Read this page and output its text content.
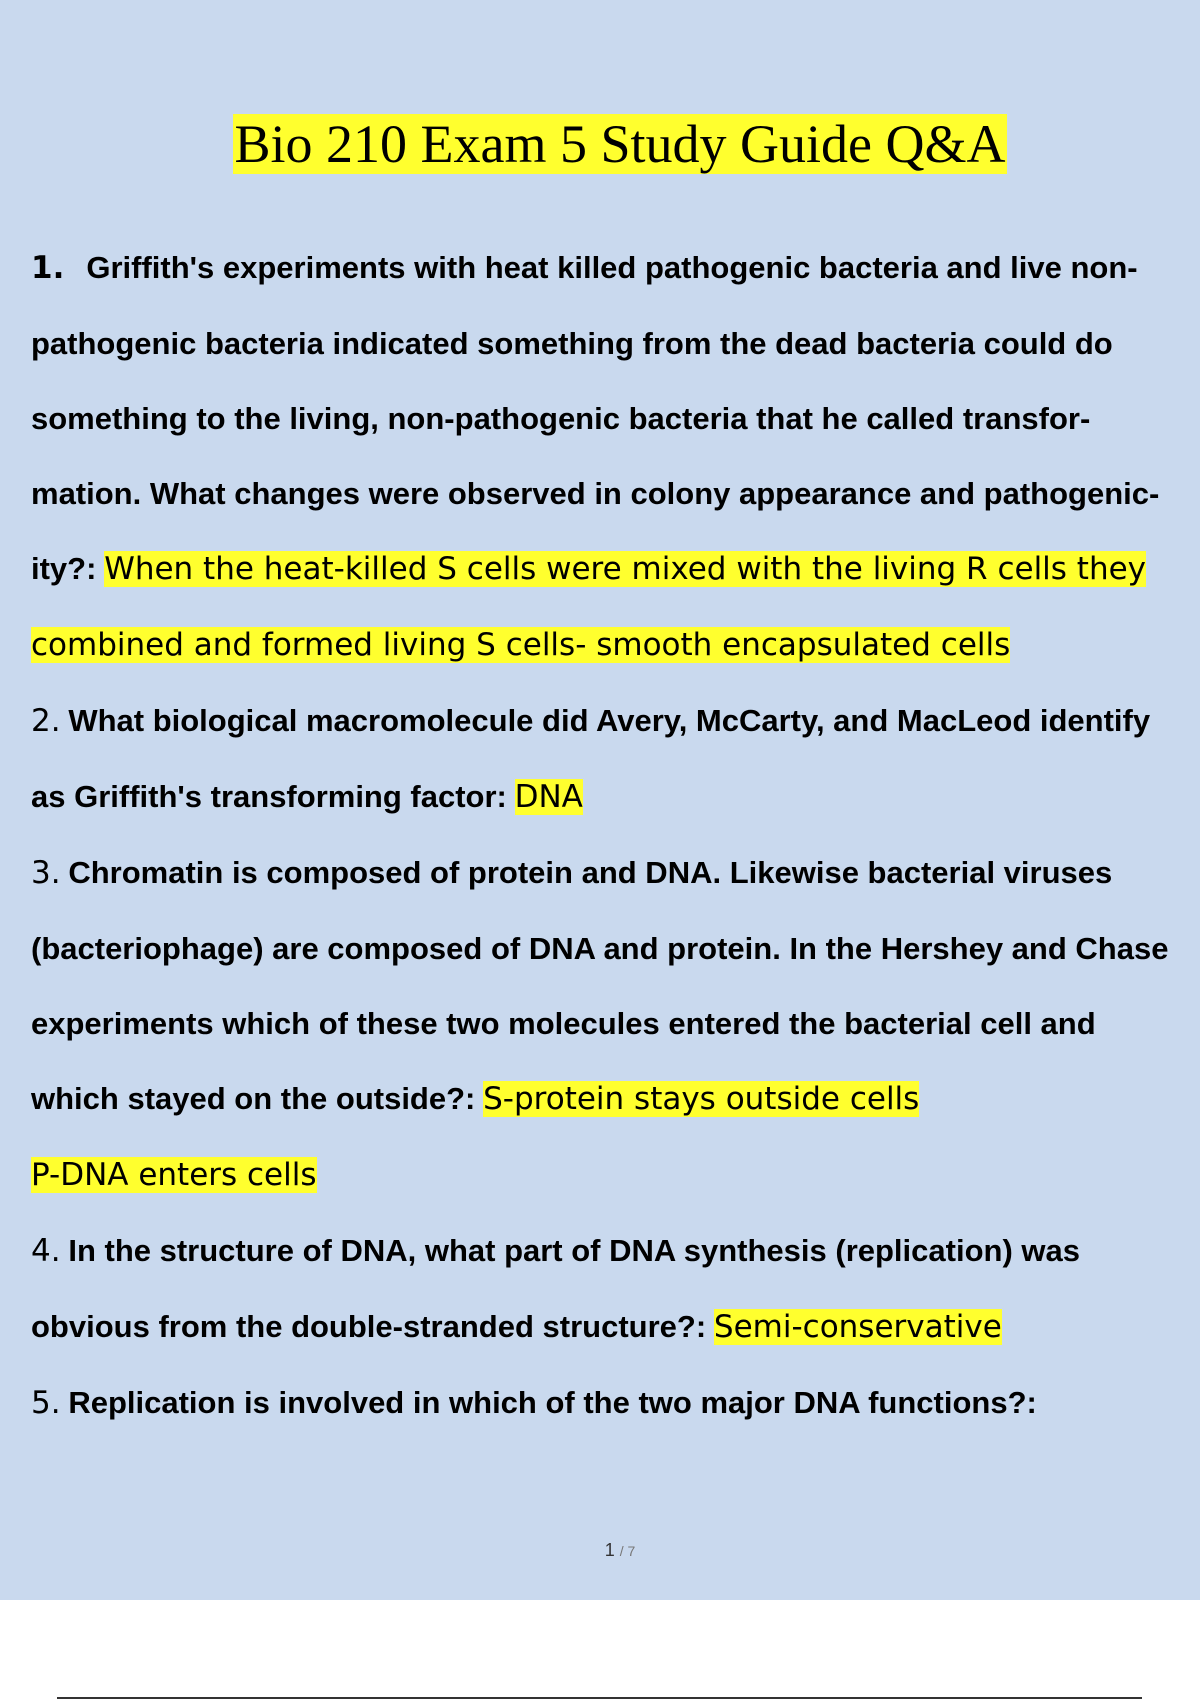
Bio 210 Exam 5 Study Guide Q&A

1. Griffith's experiments with heat killed pathogenic bacteria and live non-pathogenic bacteria indicated something from the dead bacteria could do something to the living, non-pathogenic bacteria that he called transfor- mation. What changes were observed in colony appearance and pathogenic- ity?: When the heat-killed S cells were mixed with the living R cells they combined and formed living S cells- smooth encapsulated cells

2. What biological macromolecule did Avery, McCarty, and MacLeod identify as Griffith's transforming factor: DNA

3. Chromatin is composed of protein and DNA. Likewise bacterial viruses (bacteriophage) are composed of DNA and protein. In the Hershey and Chase experiments which of these two molecules entered the bacterial cell and which stayed on the outside?: S-protein stays outside cells
P-DNA enters cells

4. In the structure of DNA, what part of DNA synthesis (replication) was obvious from the double-stranded structure?: Semi-conservative

5. Replication is involved in which of the two major DNA functions?:

1 / 7
